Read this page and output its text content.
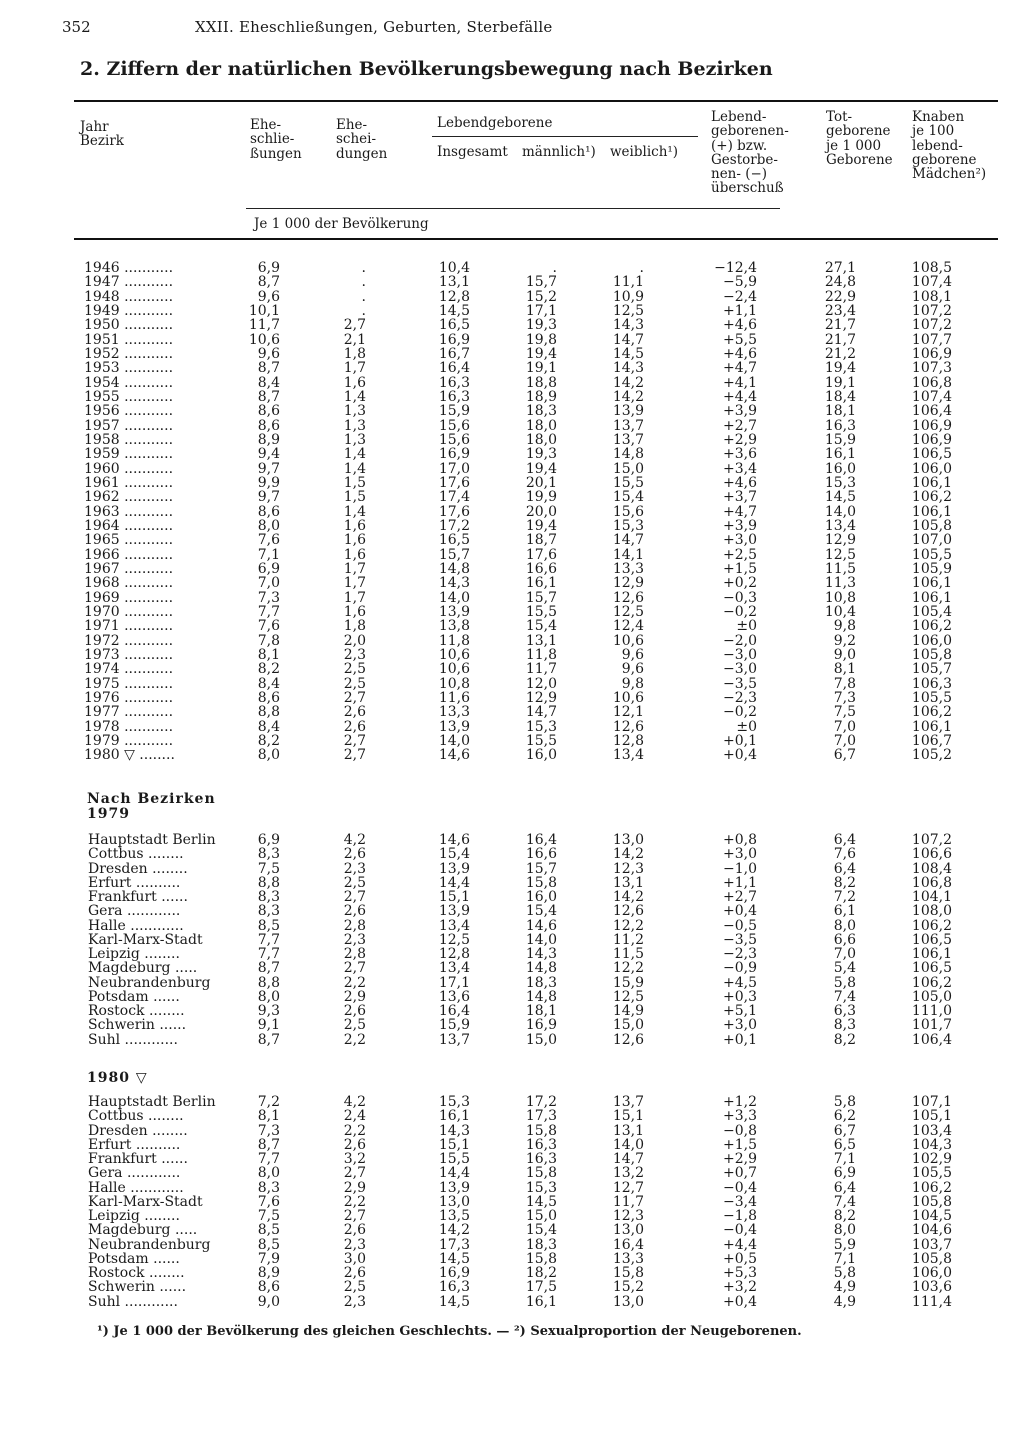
352	XXII. Eheschließungen, Geburten, Sterbefälle
2. Ziffern der natürlichen Bevölkerungsbewegung nach Bezirken
Jahr
Bezirk
Ehe-
schlie-
ßungen
Ehe-
schei-
dungen
Lebendgeborene
Insgesamt männlich¹) weiblich¹)
Lebend-
geborenen-
(+) bzw.
Gestorbe-
nen- (−)
überschuß
Tot-
geborene
je 1 000
Geborene
Knaben
je 100
lebend-
geborene
Mädchen²)
Je 1 000 der Bevölkerung
Nach Bezirken
1979
1980 ▽
1946 ...........	6,9	.	10,4	.	.	−12,4	27,1	108,5
1947 ...........	8,7	.	13,1	15,7	11,1	−5,9	24,8	107,4
1948 ...........	9,6	.	12,8	15,2	10,9	−2,4	22,9	108,1
1949 ...........	10,1	.	14,5	17,1	12,5	+1,1	23,4	107,2
1950 ...........	11,7	2,7	16,5	19,3	14,3	+4,6	21,7	107,2
1951 ...........	10,6	2,1	16,9	19,8	14,7	+5,5	21,7	107,7
1952 ...........	9,6	1,8	16,7	19,4	14,5	+4,6	21,2	106,9
1953 ...........	8,7	1,7	16,4	19,1	14,3	+4,7	19,4	107,3
1954 ...........	8,4	1,6	16,3	18,8	14,2	+4,1	19,1	106,8
1955 ...........	8,7	1,4	16,3	18,9	14,2	+4,4	18,4	107,4
1956 ...........	8,6	1,3	15,9	18,3	13,9	+3,9	18,1	106,4
1957 ...........	8,6	1,3	15,6	18,0	13,7	+2,7	16,3	106,9
1958 ...........	8,9	1,3	15,6	18,0	13,7	+2,9	15,9	106,9
1959 ...........	9,4	1,4	16,9	19,3	14,8	+3,6	16,1	106,5
1960 ...........	9,7	1,4	17,0	19,4	15,0	+3,4	16,0	106,0
1961 ...........	9,9	1,5	17,6	20,1	15,5	+4,6	15,3	106,1
1962 ...........	9,7	1,5	17,4	19,9	15,4	+3,7	14,5	106,2
1963 ...........	8,6	1,4	17,6	20,0	15,6	+4,7	14,0	106,1
1964 ...........	8,0	1,6	17,2	19,4	15,3	+3,9	13,4	105,8
1965 ...........	7,6	1,6	16,5	18,7	14,7	+3,0	12,9	107,0
1966 ...........	7,1	1,6	15,7	17,6	14,1	+2,5	12,5	105,5
1967 ...........	6,9	1,7	14,8	16,6	13,3	+1,5	11,5	105,9
1968 ...........	7,0	1,7	14,3	16,1	12,9	+0,2	11,3	106,1
1969 ...........	7,3	1,7	14,0	15,7	12,6	−0,3	10,8	106,1
1970 ...........	7,7	1,6	13,9	15,5	12,5	−0,2	10,4	105,4
1971 ...........	7,6	1,8	13,8	15,4	12,4	±0	9,8	106,2
1972 ...........	7,8	2,0	11,8	13,1	10,6	−2,0	9,2	106,0
1973 ...........	8,1	2,3	10,6	11,8	9,6	−3,0	9,0	105,8
1974 ...........	8,2	2,5	10,6	11,7	9,6	−3,0	8,1	105,7
1975 ...........	8,4	2,5	10,8	12,0	9,8	−3,5	7,8	106,3
1976 ...........	8,6	2,7	11,6	12,9	10,6	−2,3	7,3	105,5
1977 ...........	8,8	2,6	13,3	14,7	12,1	−0,2	7,5	106,2
1978 ...........	8,4	2,6	13,9	15,3	12,6	±0	7,0	106,1
1979 ...........	8,2	2,7	14,0	15,5	12,8	+0,1	7,0	106,7
1980 ▽ ........	8,0	2,7	14,6	16,0	13,4	+0,4	6,7	105,2
Hauptstadt Berlin	6,9	4,2	14,6	16,4	13,0	+0,8	6,4	107,2
Cottbus ........	8,3	2,6	15,4	16,6	14,2	+3,0	7,6	106,6
Dresden ........	7,5	2,3	13,9	15,7	12,3	−1,0	6,4	108,4
Erfurt ..........	8,8	2,5	14,4	15,8	13,1	+1,1	8,2	106,8
Frankfurt ......	8,3	2,7	15,1	16,0	14,2	+2,7	7,2	104,1
Gera ............	8,3	2,6	13,9	15,4	12,6	+0,4	6,1	108,0
Halle ............	8,5	2,8	13,4	14,6	12,2	−0,5	8,0	106,2
Karl-Marx-Stadt	7,7	2,3	12,5	14,0	11,2	−3,5	6,6	106,5
Leipzig ........	7,7	2,8	12,8	14,3	11,5	−2,3	7,0	106,1
Magdeburg .....	8,7	2,7	13,4	14,8	12,2	−0,9	5,4	106,5
Neubrandenburg	8,8	2,2	17,1	18,3	15,9	+4,5	5,8	106,2
Potsdam ......	8,0	2,9	13,6	14,8	12,5	+0,3	7,4	105,0
Rostock ........	9,3	2,6	16,4	18,1	14,9	+5,1	6,3	111,0
Schwerin ......	9,1	2,5	15,9	16,9	15,0	+3,0	8,3	101,7
Suhl ............	8,7	2,2	13,7	15,0	12,6	+0,1	8,2	106,4
Hauptstadt Berlin	7,2	4,2	15,3	17,2	13,7	+1,2	5,8	107,1
Cottbus ........	8,1	2,4	16,1	17,3	15,1	+3,3	6,2	105,1
Dresden ........	7,3	2,2	14,3	15,8	13,1	−0,8	6,7	103,4
Erfurt ..........	8,7	2,6	15,1	16,3	14,0	+1,5	6,5	104,3
Frankfurt ......	7,7	3,2	15,5	16,3	14,7	+2,9	7,1	102,9
Gera ............	8,0	2,7	14,4	15,8	13,2	+0,7	6,9	105,5
Halle ............	8,3	2,9	13,9	15,3	12,7	−0,4	6,4	106,2
Karl-Marx-Stadt	7,6	2,2	13,0	14,5	11,7	−3,4	7,4	105,8
Leipzig ........	7,5	2,7	13,5	15,0	12,3	−1,8	8,2	104,5
Magdeburg .....	8,5	2,6	14,2	15,4	13,0	−0,4	8,0	104,6
Neubrandenburg	8,5	2,3	17,3	18,3	16,4	+4,4	5,9	103,7
Potsdam ......	7,9	3,0	14,5	15,8	13,3	+0,5	7,1	105,8
Rostock ........	8,9	2,6	16,9	18,2	15,8	+5,3	5,8	106,0
Schwerin ......	8,6	2,5	16,3	17,5	15,2	+3,2	4,9	103,6
Suhl ............	9,0	2,3	14,5	16,1	13,0	+0,4	4,9	111,4
¹) Je 1 000 der Bevölkerung des gleichen Geschlechts. — ²) Sexualproportion der Neugeborenen.
